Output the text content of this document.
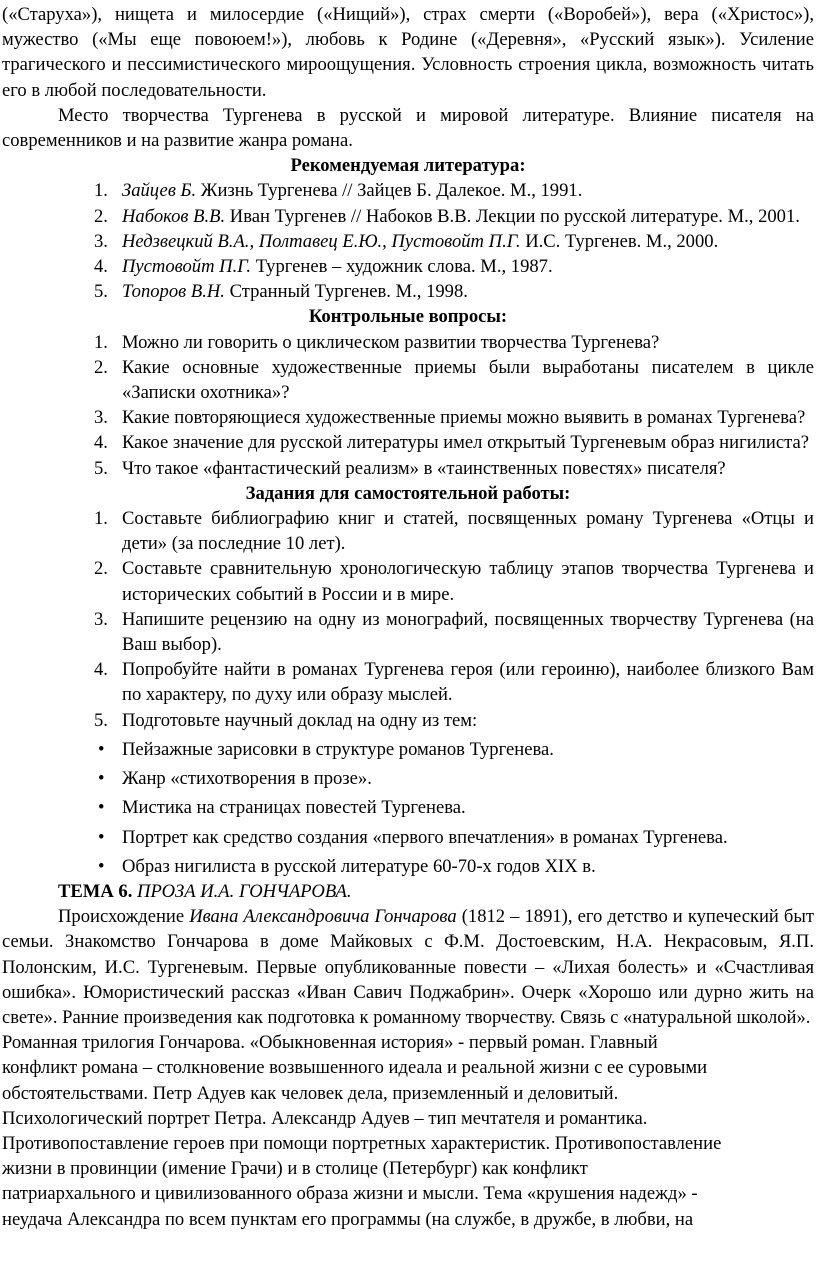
(«Старуха»), нищета и милосердие («Нищий»), страх смерти («Воробей»), вера («Христос»), мужество («Мы еще повоюем!»), любовь к Родине («Деревня», «Русский язык»). Усиление трагического и пессимистического мироощущения. Условность строения цикла, возможность читать его в любой последовательности.

Место творчества Тургенева в русской и мировой литературе. Влияние писателя на современников и на развитие жанра романа.

Рекомендуемая литература:

1. Зайцев Б. Жизнь Тургенева // Зайцев Б. Далекое. М., 1991.
2. Набоков В.В. Иван Тургенев // Набоков В.В. Лекции по русской литературе. М., 2001.
3. Недзвецкий В.А., Полтавец Е.Ю., Пустовойт П.Г. И.С. Тургенев. М., 2000.
4. Пустовойт П.Г. Тургенев – художник слова. М., 1987.
5. Топоров В.Н. Странный Тургенев. М., 1998.

Контрольные вопросы:

1. Можно ли говорить о циклическом развитии творчества Тургенева?
2. Какие основные художественные приемы были выработаны писателем в цикле «Записки охотника»?
3. Какие повторяющиеся художественные приемы можно выявить в романах Тургенева?
4. Какое значение для русской литературы имел открытый Тургеневым образ нигилиста?
5. Что такое «фантастический реализм» в «таинственных повестях» писателя?

Задания для самостоятельной работы:

1. Составьте библиографию книг и статей, посвященных роману Тургенева «Отцы и дети» (за последние 10 лет).
2. Составьте сравнительную хронологическую таблицу этапов творчества Тургенева и исторических событий в России и в мире.
3. Напишите рецензию на одну из монографий, посвященных творчеству Тургенева (на Ваш выбор).
4. Попробуйте найти в романах Тургенева героя (или героиню), наиболее близкого Вам по характеру, по духу или образу мыслей.
5. Подготовьте научный доклад на одну из тем:
• Пейзажные зарисовки в структуре романов Тургенева.
• Жанр «стихотворения в прозе».
• Мистика на страницах повестей Тургенева.
• Портрет как средство создания «первого впечатления» в романах Тургенева.
• Образ нигилиста в русской литературе 60-70-х годов XIX в.

ТЕМА 6. ПРОЗА И.А. ГОНЧАРОВА.

Происхождение Ивана Александровича Гончарова (1812 – 1891), его детство и купеческий быт семьи. Знакомство Гончарова в доме Майковых с Ф.М. Достоевским, Н.А. Некрасовым, Я.П. Полонским, И.С. Тургеневым. Первые опубликованные повести – «Лихая болесть» и «Счастливая ошибка». Юмористический рассказ «Иван Савич Поджабрин». Очерк «Хорошо или дурно жить на свете». Ранние произведения как подготовка к романному творчеству. Связь с «натуральной школой».

Романная трилогия Гончарова. «Обыкновенная история» - первый роман. Главный
конфликт романа – столкновение возвышенного идеала и реальной жизни с ее суровыми
обстоятельствами. Петр Адуев как человек дела, приземленный и деловитый.
Психологический портрет Петра. Александр Адуев – тип мечтателя и романтика.
Противопоставление героев при помощи портретных характеристик. Противопоставление
жизни в провинции (имение Грачи) и в столице (Петербург) как конфликт
патриархального и цивилизованного образа жизни и мысли. Тема «крушения надежд» -
неудача Александра по всем пунктам его программы (на службе, в дружбе, в любви, на
